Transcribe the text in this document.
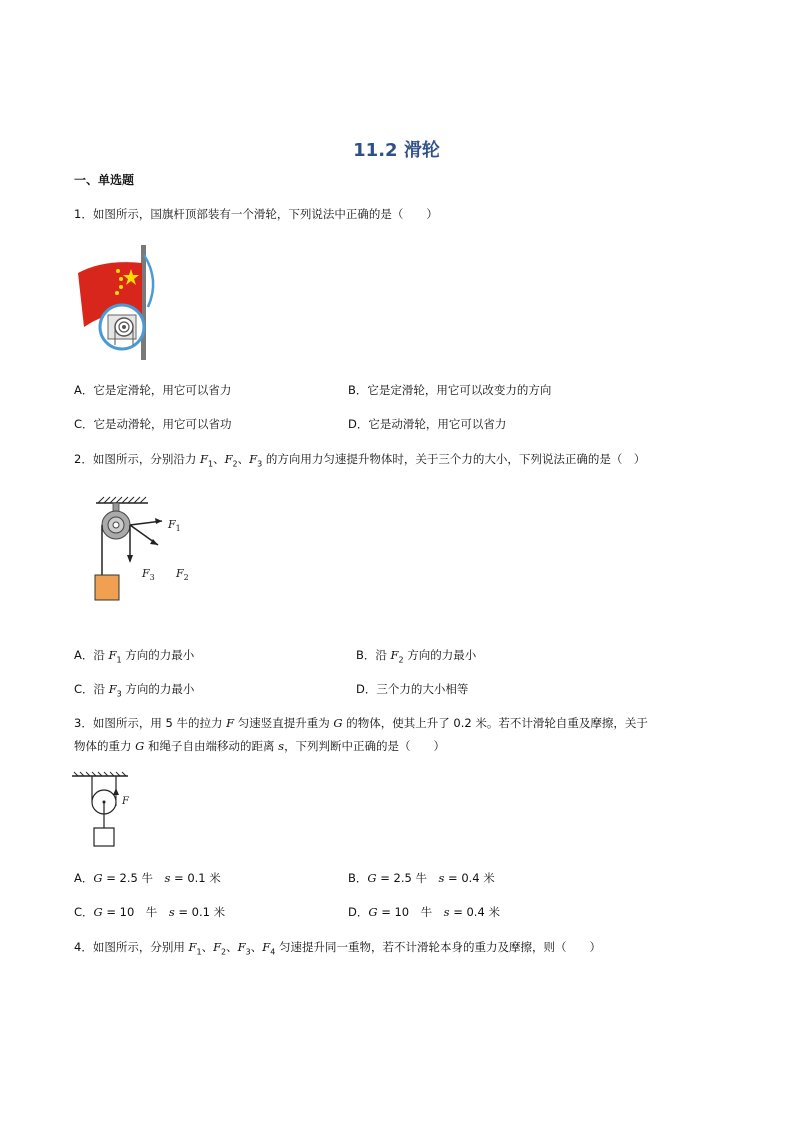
11.2 滑轮
一、单选题
1．如图所示，国旗杆顶部装有一个滑轮，下列说法中正确的是（　　）
A．它是定滑轮，用它可以省力	B．它是定滑轮，用它可以改变力的方向
C．它是动滑轮，用它可以省功	D．它是动滑轮，用它可以省力
2．如图所示，分别沿力 $F_1$、$F_2$、$F_3$ 的方向用力匀速提升物体时，关于三个力的大小，下列说法正确的是（　）
$F_1$
$F_2$
$F_3$
A．沿 $F_1$ 方向的力最小	B．沿 $F_2$ 方向的力最小
C．沿 $F_3$ 方向的力最小	D．三个力的大小相等
3．如图所示，用 5 牛的拉力 F 匀速竖直提升重为 G 的物体，使其上升了 0.2 米。若不计滑轮自重及摩擦，关于
物体的重力 G 和绳子自由端移动的距离 s，下列判断中正确的是（　　）
F
A．G = 2.5 牛　s = 0.1 米	B．G = 2.5 牛　s = 0.4 米
C．G = 10　牛　s = 0.1 米	D．G = 10　牛　s = 0.4 米
4．如图所示，分别用 $F_1$、$F_2$、$F_3$、$F_4$ 匀速提升同一重物，若不计滑轮本身的重力及摩擦，则（　　）
